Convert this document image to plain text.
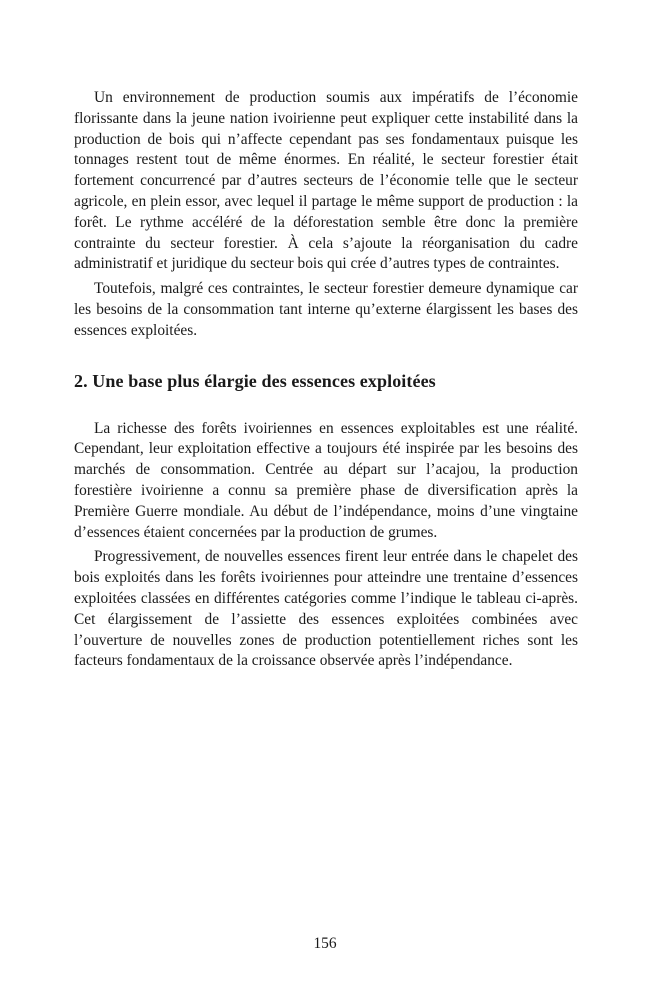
Un environnement de production soumis aux impératifs de l’économie florissante dans la jeune nation ivoirienne peut expliquer cette instabilité dans la production de bois qui n’affecte cependant pas ses fondamentaux puisque les tonnages restent tout de même énormes. En réalité, le secteur forestier était fortement concurrencé par d’autres secteurs de l’économie telle que le secteur agricole, en plein essor, avec lequel il partage le même support de production : la forêt. Le rythme accéléré de la déforestation semble être donc la première contrainte du secteur forestier. À cela s’ajoute la réorganisation du cadre administratif et juridique du secteur bois qui crée d’autres types de contraintes.

Toutefois, malgré ces contraintes, le secteur forestier demeure dynamique car les besoins de la consommation tant interne qu’externe élargissent les bases des essences exploitées.

2. Une base plus élargie des essences exploitées

La richesse des forêts ivoiriennes en essences exploitables est une réalité. Cependant, leur exploitation effective a toujours été inspirée par les besoins des marchés de consommation. Centrée au départ sur l’acajou, la production forestière ivoirienne a connu sa première phase de diversification après la Première Guerre mondiale. Au début de l’indépendance, moins d’une vingtaine d’essences étaient concernées par la production de grumes.

Progressivement, de nouvelles essences firent leur entrée dans le chapelet des bois exploités dans les forêts ivoiriennes pour atteindre une trentaine d’essences exploitées classées en différentes catégories comme l’indique le tableau ci-après. Cet élargissement de l’assiette des essences exploitées combinées avec l’ouverture de nouvelles zones de production potentiellement riches sont les facteurs fondamentaux de la croissance observée après l’indépendance.

156
